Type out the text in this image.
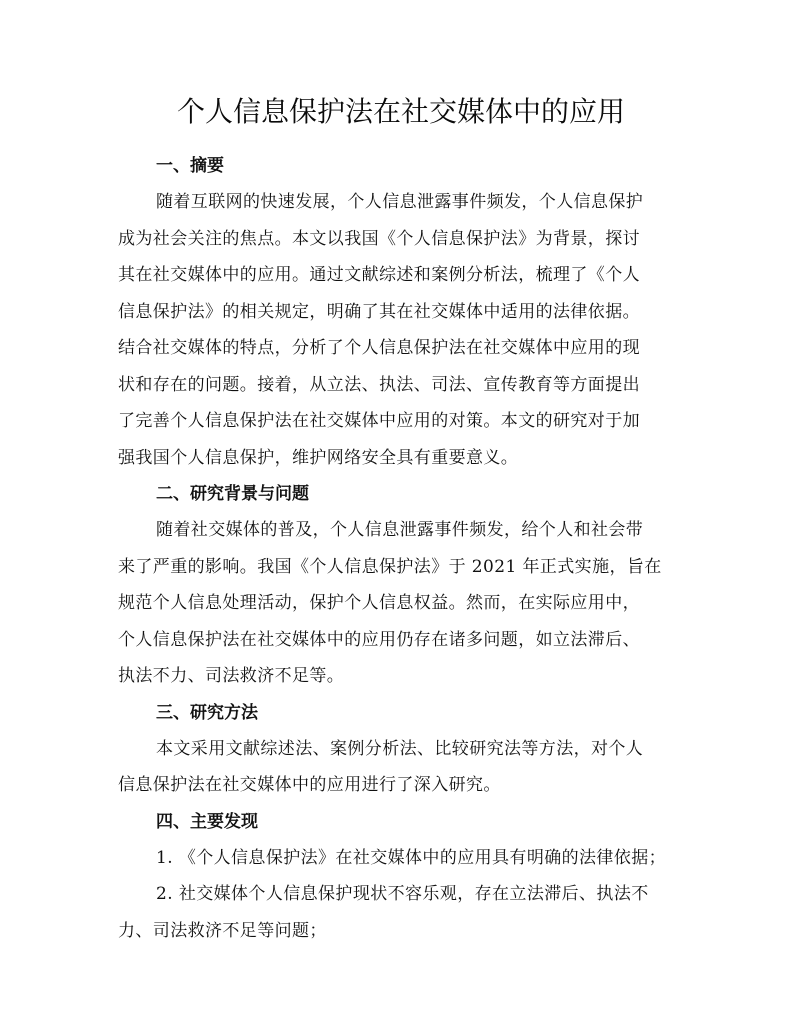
个人信息保护法在社交媒体中的应用
一、摘要

随着互联网的快速发展，个人信息泄露事件频发，个人信息保护
成为社会关注的焦点。本文以我国《个人信息保护法》为背景，探讨
其在社交媒体中的应用。通过文献综述和案例分析法，梳理了《个人
信息保护法》的相关规定，明确了其在社交媒体中适用的法律依据。
结合社交媒体的特点，分析了个人信息保护法在社交媒体中应用的现
状和存在的问题。接着，从立法、执法、司法、宣传教育等方面提出
了完善个人信息保护法在社交媒体中应用的对策。本文的研究对于加
强我国个人信息保护，维护网络安全具有重要意义。

二、研究背景与问题

随着社交媒体的普及，个人信息泄露事件频发，给个人和社会带
来了严重的影响。我国《个人信息保护法》于 2021 年正式实施，旨在
规范个人信息处理活动，保护个人信息权益。然而，在实际应用中，
个人信息保护法在社交媒体中的应用仍存在诸多问题，如立法滞后、
执法不力、司法救济不足等。

三、研究方法

本文采用文献综述法、案例分析法、比较研究法等方法，对个人
信息保护法在社交媒体中的应用进行了深入研究。

四、主要发现

1. 《个人信息保护法》在社交媒体中的应用具有明确的法律依据；

2. 社交媒体个人信息保护现状不容乐观，存在立法滞后、执法不
力、司法救济不足等问题；
